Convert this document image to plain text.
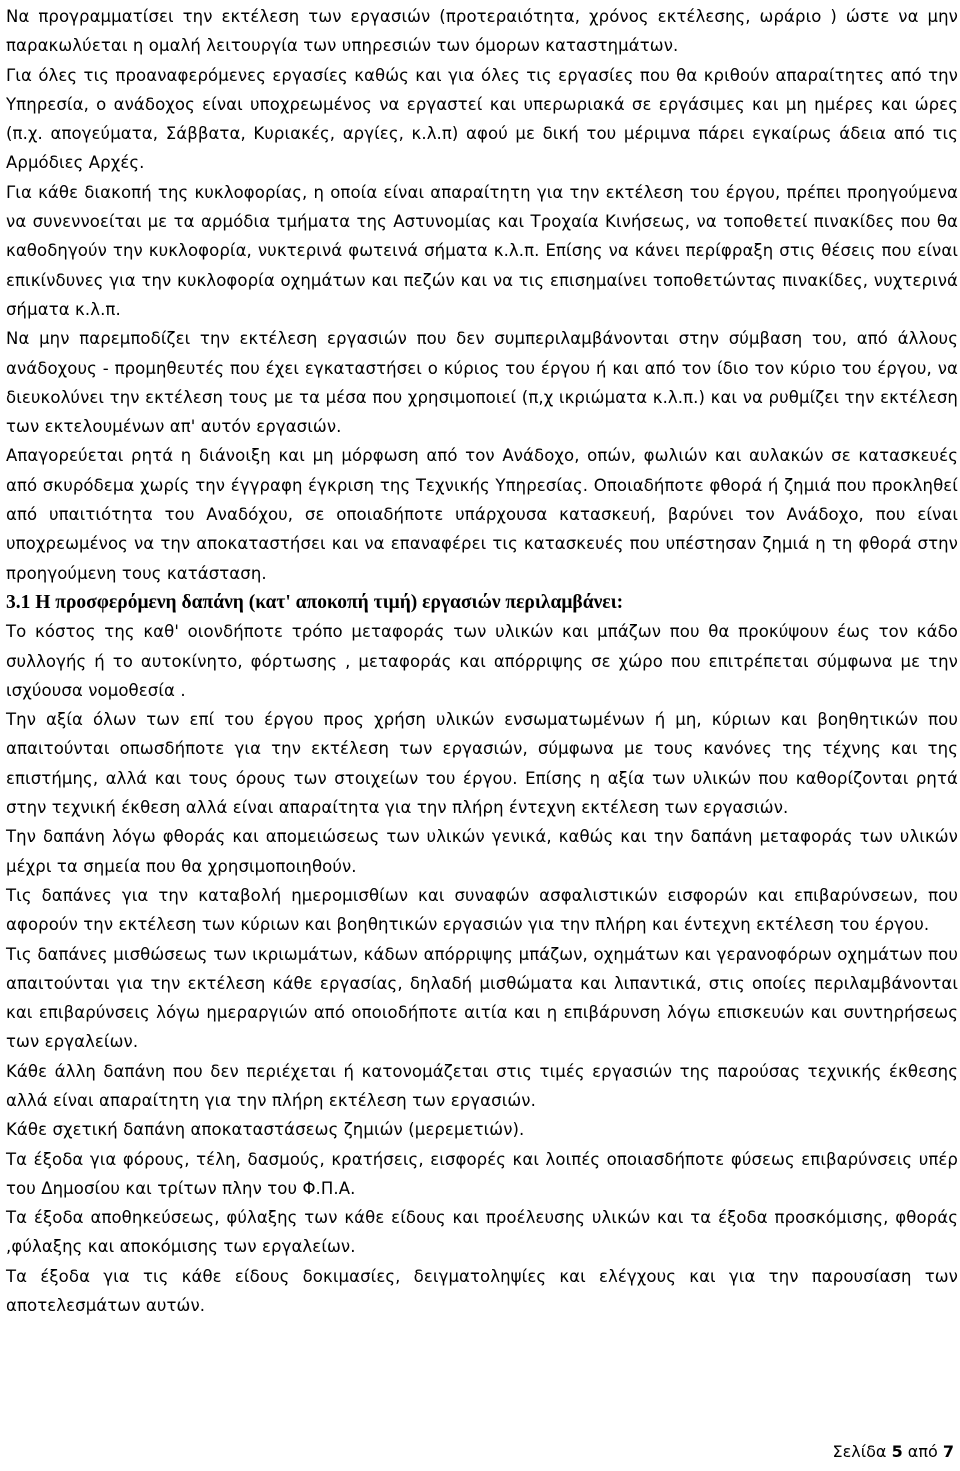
Να προγραμματίσει την εκτέλεση των εργασιών (προτεραιότητα, χρόνος εκτέλεσης, ωράριο ) ώστε να μην παρακωλύεται η ομαλή λειτουργία των υπηρεσιών των όμορων καταστημάτων.

Για όλες τις προαναφερόμενες εργασίες καθώς και για όλες τις εργασίες που θα κριθούν απαραίτητες από την Υπηρεσία, ο ανάδοχος είναι υποχρεωμένος να εργαστεί και υπερωριακά σε εργάσιμες και μη ημέρες και ώρες (π.χ. απογεύματα, Σάββατα, Κυριακές, αργίες, κ.λ.π) αφού με δική του μέριμνα πάρει εγκαίρως άδεια από τις Αρμόδιες Αρχές.

Για κάθε διακοπή της κυκλοφορίας, η οποία είναι απαραίτητη για την εκτέλεση του έργου, πρέπει προηγούμενα να συνεννοείται με τα αρμόδια τμήματα της Αστυνομίας και Τροχαία Κινήσεως, να τοποθετεί πινακίδες που θα καθοδηγούν την κυκλοφορία, νυκτερινά φωτεινά σήματα κ.λ.π. Επίσης να κάνει περίφραξη στις θέσεις που είναι επικίνδυνες για την κυκλοφορία οχημάτων και πεζών και να τις επισημαίνει τοποθετώντας πινακίδες, νυχτερινά σήματα κ.λ.π.

Να μην παρεμποδίζει την εκτέλεση εργασιών που δεν συμπεριλαμβάνονται στην σύμβαση του, από άλλους ανάδοχους - προμηθευτές που έχει εγκαταστήσει ο κύριος του έργου ή και από τον ίδιο τον κύριο του έργου, να διευκολύνει την εκτέλεση τους με τα μέσα που χρησιμοποιεί (π,χ ικριώματα κ.λ.π.) και να ρυθμίζει την εκτέλεση των εκτελουμένων απ' αυτόν εργασιών.

Απαγορεύεται ρητά η διάνοιξη και μη μόρφωση από τον Ανάδοχο, οπών, φωλιών και αυλακών σε κατασκευές από σκυρόδεμα χωρίς την έγγραφη έγκριση της Τεχνικής Υπηρεσίας. Οποιαδήποτε φθορά ή ζημιά που προκληθεί από υπαιτιότητα του Αναδόχου, σε οποιαδήποτε υπάρχουσα κατασκευή, βαρύνει τον Ανάδοχο, που είναι υποχρεωμένος να την αποκαταστήσει και να επαναφέρει τις κατασκευές που υπέστησαν ζημιά η τη φθορά στην προηγούμενη τους κατάσταση.

3.1 Η προσφερόμενη δαπάνη (κατ' αποκοπή τιμή) εργασιών περιλαμβάνει:

Το κόστος της καθ' οιονδήποτε τρόπο μεταφοράς των υλικών και μπάζων που θα προκύψουν έως τον κάδο συλλογής ή το αυτοκίνητο, φόρτωσης , μεταφοράς και απόρριψης σε χώρο που επιτρέπεται σύμφωνα με την ισχύουσα νομοθεσία .

Την αξία όλων των επί του έργου προς χρήση υλικών ενσωματωμένων ή μη, κύριων και βοηθητικών που απαιτούνται οπωσδήποτε για την εκτέλεση των εργασιών, σύμφωνα με τους κανόνες της τέχνης και της επιστήμης, αλλά και τους όρους των στοιχείων του έργου. Επίσης η αξία των υλικών που καθορίζονται ρητά στην τεχνική έκθεση αλλά είναι απαραίτητα για την πλήρη έντεχνη εκτέλεση των εργασιών.

Την δαπάνη λόγω φθοράς και απομειώσεως των υλικών γενικά, καθώς και την δαπάνη μεταφοράς των υλικών μέχρι τα σημεία που θα χρησιμοποιηθούν.

Τις δαπάνες για την καταβολή ημερομισθίων και συναφών ασφαλιστικών εισφορών και επιβαρύνσεων, που αφορούν την εκτέλεση των κύριων και βοηθητικών εργασιών για την πλήρη και έντεχνη εκτέλεση του έργου.

Τις δαπάνες μισθώσεως των ικριωμάτων, κάδων απόρριψης μπάζων, οχημάτων και γερανοφόρων οχημάτων που απαιτούνται για την εκτέλεση κάθε εργασίας, δηλαδή μισθώματα και λιπαντικά, στις οποίες περιλαμβάνονται και επιβαρύνσεις λόγω ημεραργιών από οποιοδήποτε αιτία και η επιβάρυνση λόγω επισκευών και συντηρήσεως των εργαλείων.

Κάθε άλλη δαπάνη που δεν περιέχεται ή κατονομάζεται στις τιμές εργασιών της παρούσας τεχνικής έκθεσης αλλά είναι απαραίτητη για την πλήρη εκτέλεση των εργασιών.

Κάθε σχετική δαπάνη αποκαταστάσεως ζημιών (μερεμετιών).

Τα έξοδα για φόρους, τέλη, δασμούς, κρατήσεις, εισφορές και λοιπές οποιασδήποτε φύσεως επιβαρύνσεις υπέρ του Δημοσίου και τρίτων πλην του Φ.Π.Α.

Τα έξοδα αποθηκεύσεως, φύλαξης των κάθε είδους και προέλευσης υλικών και τα έξοδα προσκόμισης, φθοράς ,φύλαξης και αποκόμισης των εργαλείων.

Τα έξοδα για τις κάθε είδους δοκιμασίες, δειγματοληψίες και ελέγχους και για την παρουσίαση των αποτελεσμάτων αυτών.

Σελίδα 5 από 7
